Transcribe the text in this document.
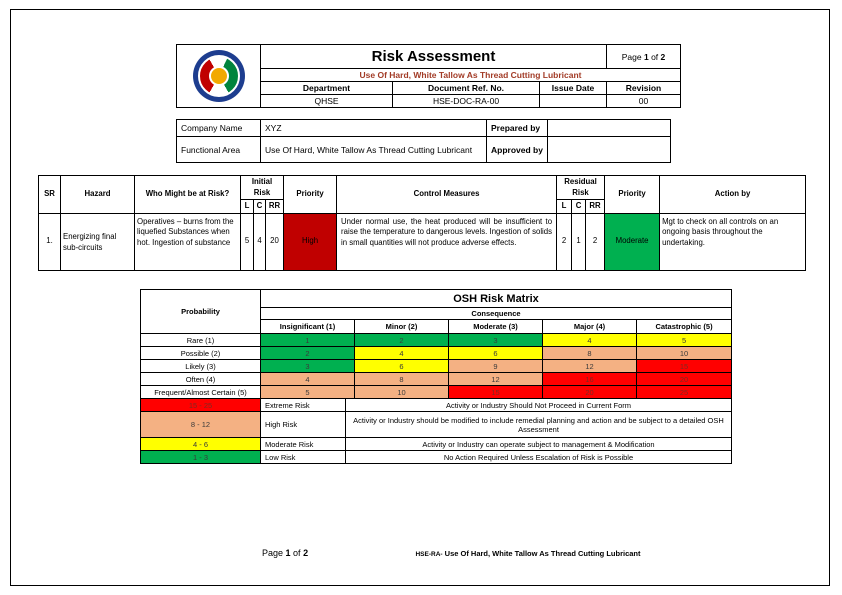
	Risk Assessment			Page 1 of 2
	Use Of Hard, White Tallow As Thread Cutting Lubricant			
	Department	Document Ref. No.	Issue Date	Revision
	QHSE	HSE-DOC-RA-00		00
Company Name	XYZ	Prepared by	
Functional Area	Use Of Hard, White Tallow As Thread Cutting Lubricant	Approved by	
SR	Hazard	Who Might be at Risk?	Initial Risk			Priority	Control Measures	Residual Risk			Priority	Action by
			L	C	RR			L	C	RR		
1.	Energizing final sub-circuits	Operatives – burns from the liquefied Substances when hot. Ingestion of substance	5	4	20	High	Under normal use, the heat produced will be insufficient to raise the temperature to dangerous levels. Ingestion of solids in small quantities will not produce adverse effects.	2	1	2	Moderate	Mgt to check on all controls on an ongoing basis throughout the undertaking.
Probability	OSH Risk Matrix				
	Consequence				
	Insignificant (1)	Minor (2)	Moderate (3)	Major (4)	Catastrophic (5)
Rare (1)	1	2	3	4	5
Possible (2)	2	4	6	8	10
Likely (3)	3	6	9	12	15
Often (4)	4	8	12	16	20
Frequent/Almost Certain (5)	5	10	15	20	25
15 - 25	Extreme Risk	Activity or Industry Should Not Proceed in Current Form
8 - 12	High Risk	Activity or Industry should be modified to include remedial planning and action and be subject to a detailed OSH Assessment
4 - 6	Moderate Risk	Activity or Industry can operate subject to management & Modification
1 - 3	Low Risk	No Action Required Unless Escalation of Risk is Possible
Page 1 of 2	HSE-RA- Use Of Hard, White Tallow As Thread Cutting Lubricant
